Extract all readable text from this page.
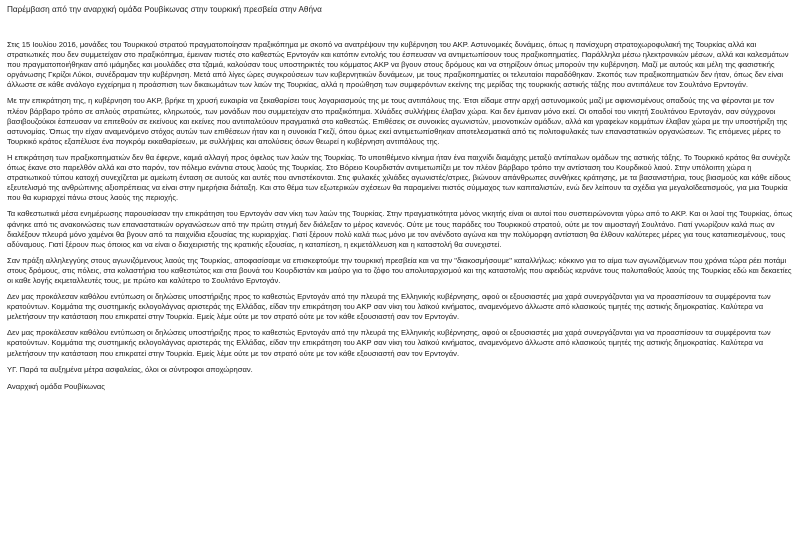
Παρέμβαση από την αναρχική ομάδα Ρουβίκωνας στην τουρκική πρεσβεία στην Αθήνα

Στις 15 Ιουλίου 2016, μονάδες του Τουρκικού στρατού πραγματοποίησαν πραξικόπημα με σκοπό να ανατρέψουν την κυβέρνηση του ΑΚΡ. Αστυνομικές δυνάμεις, όπως η πανίσχυρη στρατοχωροφυλακή της Τουρκίας αλλά και στρατιωτικές που δεν συμμετείχαν στο πραξικόπημα, έμειναν πιστές στο καθεστώς Ερντογάν και κατόπιν εντολής του έσπευσαν να αντιμετωπίσουν τους πραξικοπηματίες. Παράλληλα μέσω ηλεκτρονικών μέσων, αλλά και καλεσμάτων που πραγματοποιήθηκαν από ιμάμηδες και μουλάδες στα τζαμιά, καλούσαν τους υποστηρικτές του κόμματος ΑΚΡ να βγουν στους δρόμους και να στηρίξουν όπως μπορούν την κυβέρνηση. Μαζί με αυτούς και μέλη της φασιστικής οργάνωσης Γκρίζοι Λύκοι, συνέδραμαν την κυβέρνηση. Μετά από λίγες ώρες συγκρούσεων των κυβερνητικών δυνάμεων, με τους πραξικοπηματίες οι τελευταίοι παραδόθηκαν. Σκοπός των πραξικοπηματιών δεν ήταν, όπως δεν είναι άλλωστε σε κάθε ανάλογο εγχείρημα η προάσπιση των δικαιωμάτων των λαών της Τουρκίας, αλλά η προώθηση των συμφερόντων εκείνης της μερίδας της τουρκικής αστικής τάξης που αντιπάλευε τον Σουλτάνο Ερντογάν.

Με την επικράτηση της, η κυβέρνηση του ΑΚΡ, βρήκε τη χρυσή ευκαιρία να ξεκαθαρίσει τους λογαριασμούς της με τους αντιπάλους της. Έτσι είδαμε στην αρχή αστυνομικούς μαζί με αφιονισμένους οπαδούς της να φέρονται με τον πλέον βάρβαρο τρόπο σε απλούς στρατιώτες, κληρωτούς, των μονάδων που συμμετείχαν στο πραξικόπημα. Χιλιάδες συλλήψεις έλαβαν χώρα. Και δεν έμειναν μόνο εκεί. Οι οπαδοί του νικητή Σουλτάνου Ερντογάν, σαν σύγχρονοι βασιβουζούκοι έσπευσαν να επιτεθούν σε εκείνους και εκείνες που αντιπαλεύουν πραγματικά στο καθεστώς. Επιθέσεις σε συνοικίες αγωνιστών, μειονοτικών ομάδων, αλλά και γραφείων κομμάτων έλαβαν χώρα με την υποστήριξη της αστυνομίας. Όπως την είχαν αναμενόμενο στόχος αυτών των επιθέσεων ήταν και η συνοικία Γκεζί, όπου όμως εκεί αντιμετωπίσθηκαν αποτελεσματικά από τις πολιτοφυλακές των επαναστατικών οργανώσεων. Τις επόμενες μέρες το Τουρκικό κράτος εξαπέλυσε ένα πογκρόμ εκκαθαρίσεων, με συλλήψεις και απολύσεις όσων θεωρεί η κυβέρνηση αντιπάλους της.

Η επικράτηση των πραξικοπηματιών δεν θα έφερνε, καμιά αλλαγή προς όφελος των λαών της Τουρκίας. Το υποτιθέμενο κίνημα ήταν ένα παιχνίδι διαμάχης μεταξύ αντίπαλων ομάδων της αστικής τάξης. Το Τουρκικό κράτος θα συνέχιζε όπως έκανε στο παρελθόν αλλά και στο παρόν, τον πόλεμο ενάντια στους λαούς της Τουρκίας. Στο Βόρειο Κουρδιστάν αντιμετωπίζει με τον πλέον βάρβαρο τρόπο την αντίσταση του Κουρδικού λαού. Στην υπόλοιπη χώρα η στρατιωτικού τύπου κατοχή συνεχίζεται με αμείωτη ένταση σε αυτούς και αυτές που αντιστέκονται. Στις φυλακές χιλιάδες αγωνιστές/στριες, βιώνουν απάνθρωπες συνθήκες κράτησης, με τα βασανιστήρια, τους βιασμούς και κάθε είδους εξευτελισμό της ανθρώπινης αξιοπρέπειας να είναι στην ημερήσια διάταξη. Και στο θέμα των εξωτερικών σχέσεων θα παραμείνει πιστός σύμμαχος των καπιταλιστών, ενώ δεν λείπουν τα σχέδια για μεγαλοϊδεατισμούς, για μια Τουρκία που θα κυριαρχεί πάνω στους λαούς της περιοχής.

Τα καθεστωτικά μέσα ενημέρωσης παρουσίασαν την επικράτηση του Ερντογάν σαν νίκη των λαών της Τουρκίας. Στην πραγματικότητα μόνος νικητής είναι οι αυτοί που συσπειρώνονται γύρω από το ΑΚΡ. Και οι λαοί της Τουρκίας, όπως φάνηκε από τις ανακοινώσεις των επαναστατικών οργανώσεων από την πρώτη στιγμή δεν διάλεξαν το μέρος κανενός. Ούτε με τους παράδες του Τουρκικού στρατού, ούτε με τον αιμοσταγή Σουλτάνο. Γιατί γνωρίζουν καλά πως αν διαλέξουν πλευρά μόνο χαμένοι θα βγουν από τα παιχνίδια εξουσίας της κυριαρχίας. Γιατί ξέρουν πολύ καλά πως μόνο με τον ανένδοτο αγώνα και την πολύμορφη αντίσταση θα έλθουν καλύτερες μέρες για τους καταπιεσμένους, τους αδύναμους. Γιατί ξέρουν πως όποιος και να είναι ο διαχειριστής της κρατικής εξουσίας, η καταπίεση, η εκμετάλλευση και η καταστολή θα συνεχιστεί.

Σαν πράξη αλληλεγγύης στους αγωνιζόμενους λαούς της Τουρκίας, αποφασίσαμε να επισκεφτούμε την τουρκική πρεσβεία και να την "διακοσμήσουμε" καταλλήλως: κόκκινο για το αίμα των αγωνιζόμενων που χρόνια τώρα ρέει ποτάμι στους δρόμους, στις πόλεις, στα κολαστήρια του καθεστώτος και στα βουνά του Κουρδιστάν και μαύρο για το ζόφο του απολυταρχισμού και της καταστολής που αφειδώς κερνάνε τους πολυπαθούς λαούς της Τουρκίας εδώ και δεκαετίες οι καθε λογής εκμεταλλευτές τους, με πρώτο και καλύτερο το Σουλτάνο Ερντογάν.

Δεν μας προκάλεσαν καθόλου εντύπωση οι δηλώσεις υποστήριξης προς το καθεστώς Ερντογάν από την πλευρά της Ελληνικής κυβέρνησης, αφού οι εξουσιαστές μια χαρά συνεργάζονται για να προασπίσουν τα συμφέροντα των κρατούντων. Κομμάτια της συστημικής εκλογολάγνας αριστεράς της Ελλάδας, είδαν την επικράτηση του ΑΚΡ σαν νίκη του λαϊκού κινήματος, αναμενόμενο άλλωστε από κλασικούς τιμητές της αστικής δημοκρατίας. Καλύτερα να μελετήσουν την κατάσταση που επικρατεί στην Τουρκία. Εμείς λέμε ούτε με τον στρατό ούτε με τον κάθε εξουσιαστή σαν τον Ερντογάν.

Δεν μας προκάλεσαν καθόλου εντύπωση οι δηλώσεις υποστήριξης προς το καθεστώς Ερντογάν από την πλευρά της Ελληνικής κυβέρνησης, αφού οι εξουσιαστές μια χαρά συνεργάζονται για να προασπίσουν τα συμφέροντα των κρατούντων. Κομμάτια της συστημικής εκλογολάγνας αριστεράς της Ελλάδας, είδαν την επικράτηση του ΑΚΡ σαν νίκη του λαϊκού κινήματος, αναμενόμενο άλλωστε από κλασικούς τιμητές της αστικής δημοκρατίας. Καλύτερα να μελετήσουν την κατάσταση που επικρατεί στην Τουρκία. Εμείς λέμε ούτε με τον στρατό ούτε με τον κάθε εξουσιαστή σαν τον Ερντογάν.

ΥΓ. Παρά τα αυξημένα μέτρα ασφαλείας, όλοι οι σύντροφοι αποχώρησαν.

Αναρχική ομάδα Ρουβίκωνας
